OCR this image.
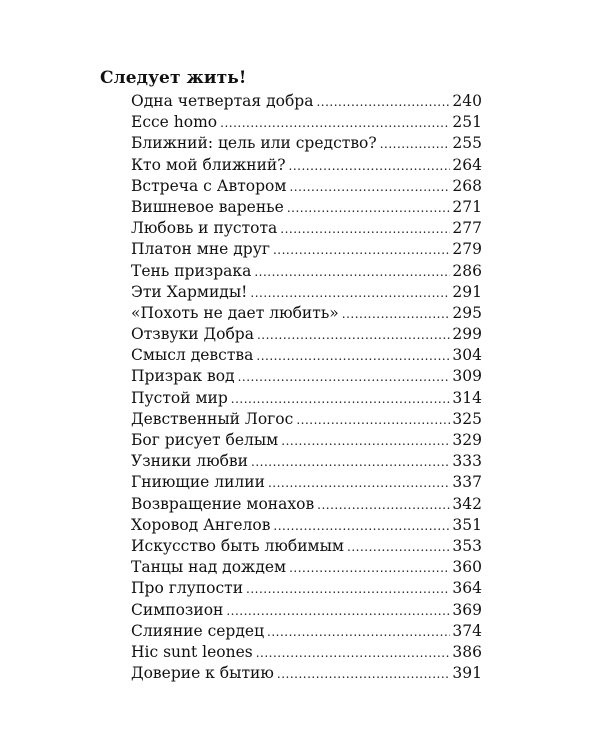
Следует жить!
Одна четвертая добра .....	240
Ecce homo .....	251
Ближний: цель или средство? .....	255
Кто мой ближний? .....	264
Встреча с Автором .....	268
Вишневое варенье .....	271
Любовь и пустота .....	277
Платон мне друг .....	279
Тень призрака .....	286
Эти Хармиды! .....	291
«Похоть не дает любить» .....	295
Отзвуки Добра .....	299
Смысл девства .....	304
Призрак вод .....	309
Пустой мир .....	314
Девственный Логос .....	325
Бог рисует белым .....	329
Узники любви .....	333
Гниющие лилии .....	337
Возвращение монахов .....	342
Хоровод Ангелов .....	351
Искусство быть любимым .....	353
Танцы над дождем .....	360
Про глупости .....	364
Симпозион .....	369
Слияние сердец .....	374
Hic sunt leones .....	386
Доверие к бытию .....	391
